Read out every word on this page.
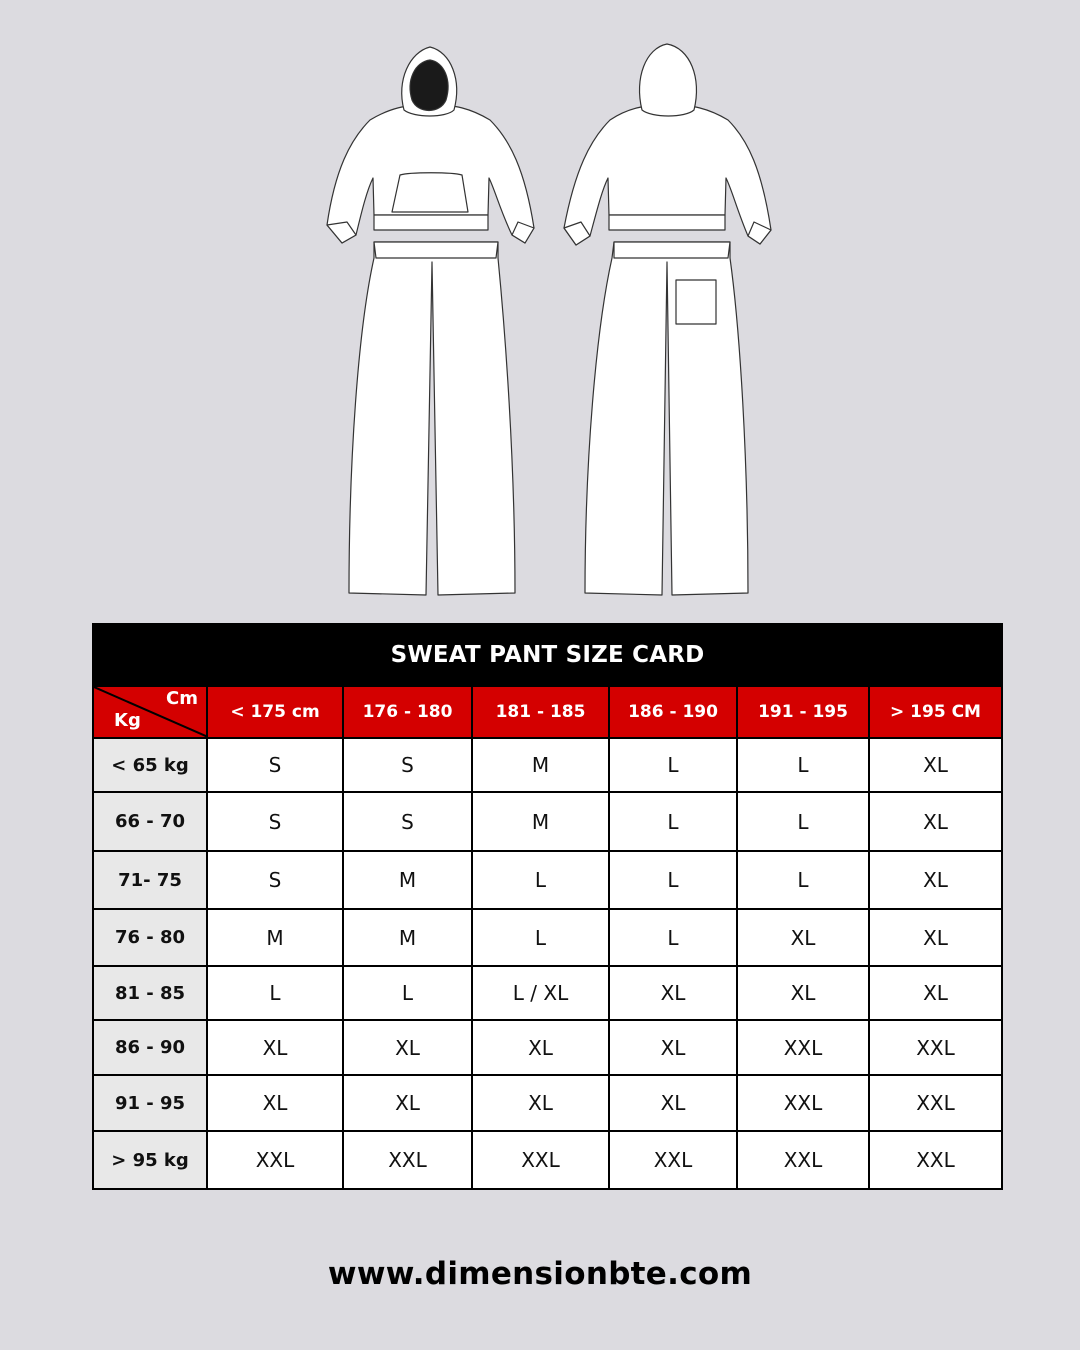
SWEAT PANT SIZE CARD						

Cm
Kg	< 175 cm	176 - 180	181 - 185	186 - 190	191 - 195	> 195 CM
< 65 kg	S	S	M	L	L	XL
66 - 70	S	S	M	L	L	XL
71- 75	S	M	L	L	L	XL
76 - 80	M	M	L	L	XL	XL
81 - 85	L	L	L / XL	XL	XL	XL
86 - 90	XL	XL	XL	XL	XXL	XXL
91 - 95	XL	XL	XL	XL	XXL	XXL
> 95 kg	XXL	XXL	XXL	XXL	XXL	XXL
www.dimensionbte.com
